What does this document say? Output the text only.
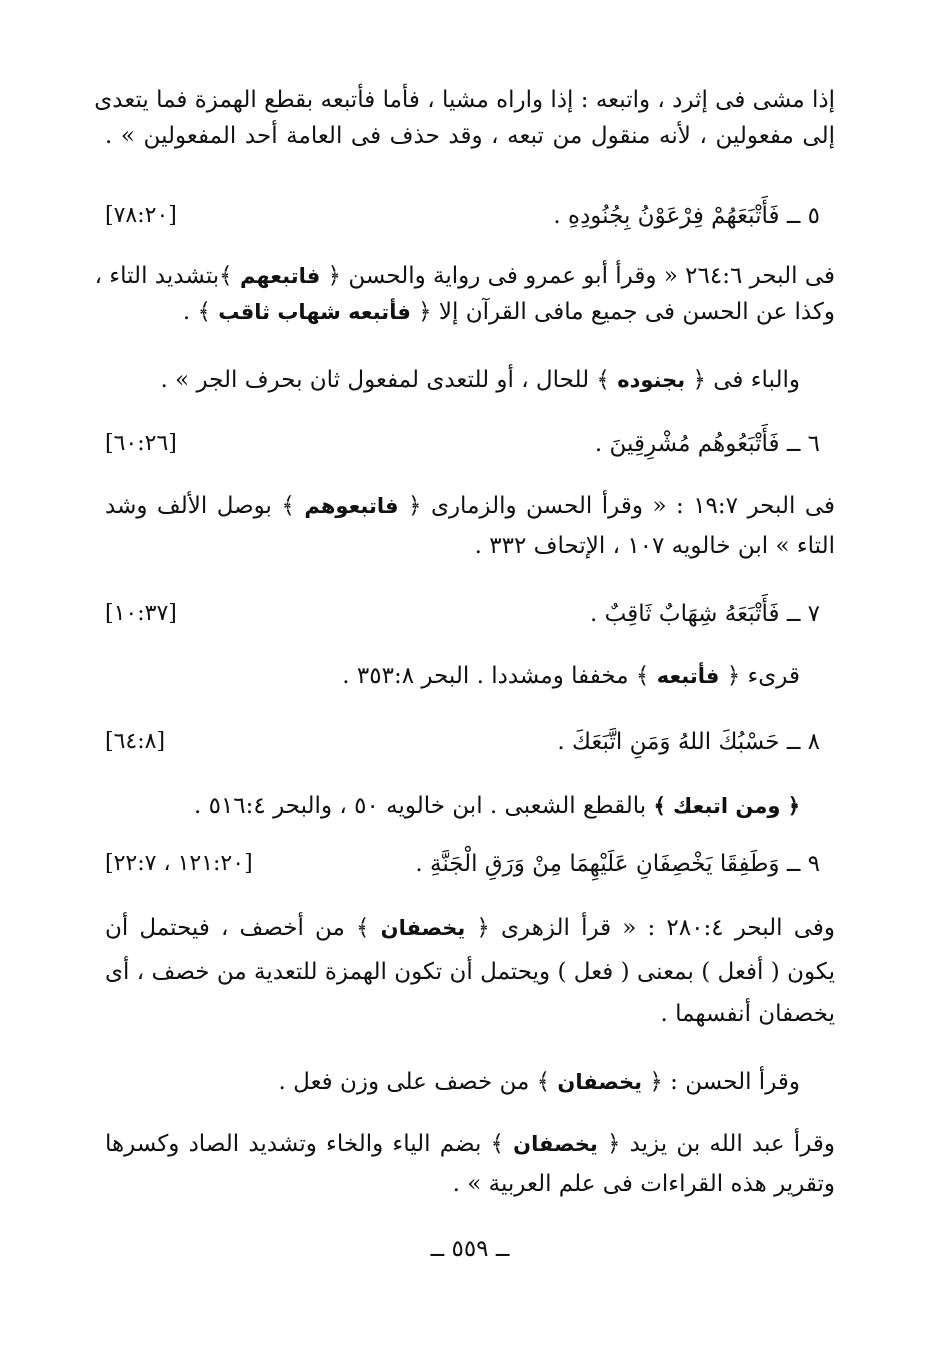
إذا مشى فى إثرد ، واتبعه : إذا واراه مشيا ، فأما فأتبعه بقطع الهمزة فما يتعدى
إلى مفعولين ، لأنه منقول من تبعه ، وقد حذف فى العامة أحد المفعولين » .
٥ ــ فَأَتْبَعَهُمْ فِرْعَوْنُ بِجُنُودِهِ .
[٧٨:٢٠]
فى البحر ٢٦٤:٦ « وقرأ أبو عمرو فى رواية والحسن ﴿ فاتبعهم ﴾بتشديد التاء ،
وكذا عن الحسن فى جميع مافى القرآن إلا ﴿ فأتبعه شهاب ثاقب ﴾ .
والباء فى ﴿ بجنوده ﴾ للحال ، أو للتعدى لمفعول ثان بحرف الجر » .
٦ ــ فَأَتْبَعُوهُم مُشْرِقِينَ .
[٦٠:٢٦]
فى البحر ١٩:٧ : « وقرأ الحسن والزمارى ﴿ فاتبعوهم ﴾ بوصل الألف وشد
التاء » ابن خالويه ١٠٧ ، الإتحاف ٣٣٢ .
٧ ــ فَأَتْبَعَهُ شِهَابٌ ثَاقِبٌ .
[١٠:٣٧]
قرىء ﴿ فأتبعه ﴾ مخففا ومشددا . البحر ٣٥٣:٨ .
٨ ــ حَسْبُكَ اللهُ وَمَنِ اتَّبَعَكَ .
[٦٤:٨]
﴿ ومن اتبعك ﴾ بالقطع الشعبى . ابن خالويه ٥٠ ، والبحر ٥١٦:٤ .
٩ ــ وَطَفِقَا يَخْصِفَانِ عَلَيْهِمَا مِنْ وَرَقِ الْجَنَّةِ .
[١٢١:٢٠ ، ٢٢:٧]
وفى البحر ٢٨٠:٤ : « قرأ الزهرى ﴿ يخصفان ﴾ من أخصف ، فيحتمل أن
يكون ( أفعل ) بمعنى ( فعل ) ويحتمل أن تكون الهمزة للتعدية من خصف ، أى
يخصفان أنفسهما .
وقرأ الحسن : ﴿ يخصفان ﴾ من خصف على وزن فعل .
وقرأ عبد الله بن يزيد ﴿ يخصفان ﴾ بضم الياء والخاء وتشديد الصاد وكسرها
وتقرير هذه القراءات فى علم العربية » .
ــ ٥٥٩ ــ
